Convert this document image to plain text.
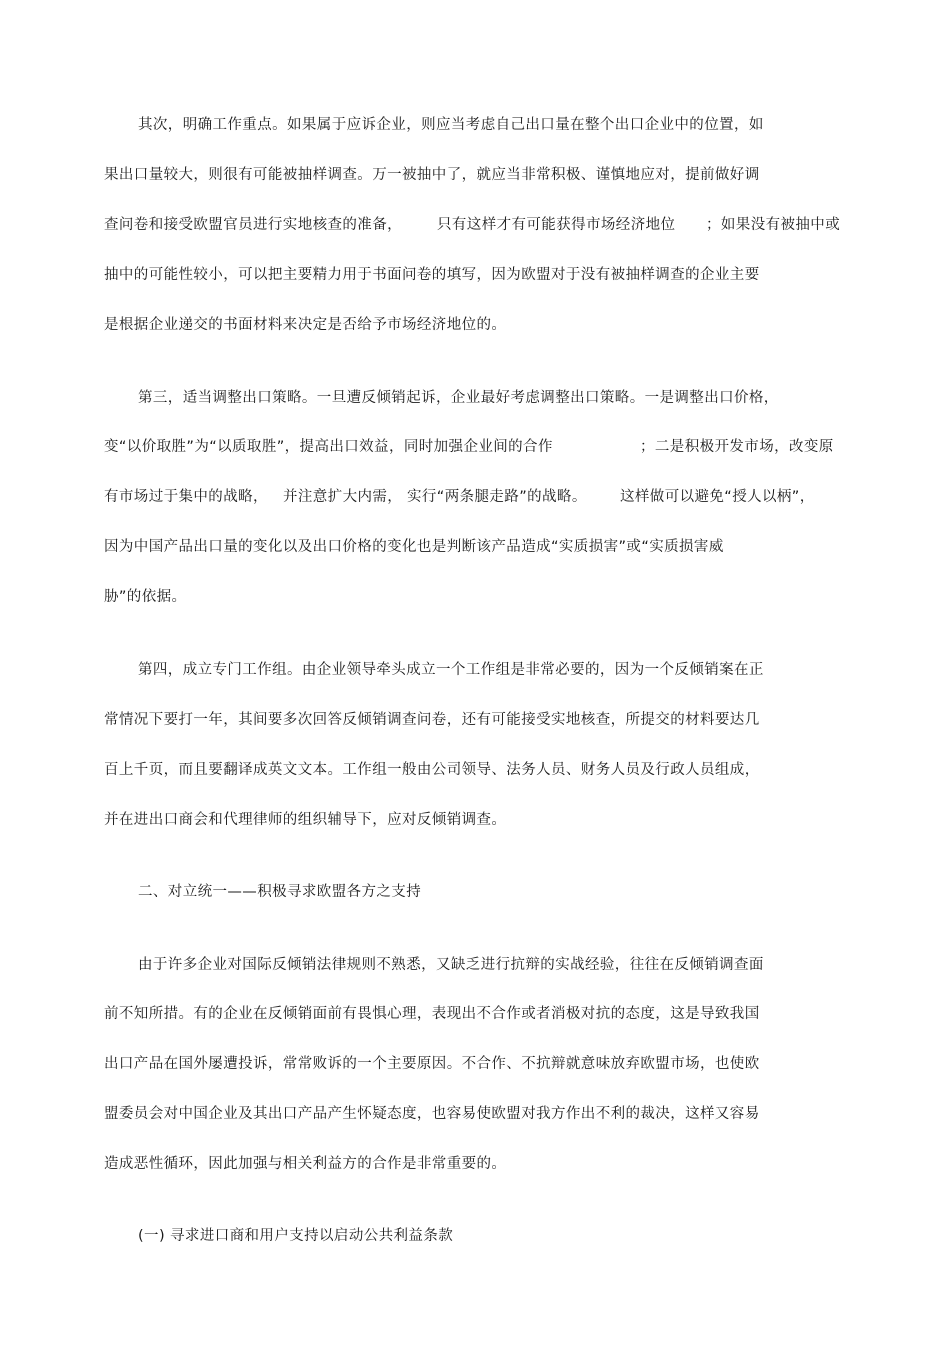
其次，明确工作重点。如果属于应诉企业，则应当考虑自己出口量在整个出口企业中的位置，如
果出口量较大，则很有可能被抽样调查。万一被抽中了，就应当非常积极、谨慎地应对，提前做好调
查问卷和接受欧盟官员进行实地核查的准备， 只有这样才有可能获得市场经济地位 ；如果没有被抽中或
抽中的可能性较小，可以把主要精力用于书面问卷的填写，因为欧盟对于没有被抽样调查的企业主要
是根据企业递交的书面材料来决定是否给予市场经济地位的。
第三，适当调整出口策略。一旦遭反倾销起诉，企业最好考虑调整出口策略。一是调整出口价格，
变“以价取胜”为“以质取胜”，提高出口效益，同时加强企业间的合作	；二是积极开发市场，改变原
有市场过于集中的战略， 并注意扩大内需， 实行“两条腿走路”的战略。 这样做可以避免“授人以柄”，
因为中国产品出口量的变化以及出口价格的变化也是判断该产品造成“实质损害”或“实质损害威
胁”的依据。
第四，成立专门工作组。由企业领导牵头成立一个工作组是非常必要的，因为一个反倾销案在正
常情况下要打一年，其间要多次回答反倾销调查问卷，还有可能接受实地核查，所提交的材料要达几
百上千页，而且要翻译成英文文本。工作组一般由公司领导、法务人员、财务人员及行政人员组成，
并在进出口商会和代理律师的组织辅导下，应对反倾销调查。
二、对立统一——积极寻求欧盟各方之支持
由于许多企业对国际反倾销法律规则不熟悉，又缺乏进行抗辩的实战经验，往往在反倾销调查面
前不知所措。有的企业在反倾销面前有畏惧心理，表现出不合作或者消极对抗的态度，这是导致我国
出口产品在国外屡遭投诉，常常败诉的一个主要原因。不合作、不抗辩就意味放弃欧盟市场，也使欧
盟委员会对中国企业及其出口产品产生怀疑态度，也容易使欧盟对我方作出不利的裁决，这样又容易
造成恶性循环，因此加强与相关利益方的合作是非常重要的。
(一) 寻求进口商和用户支持以启动公共利益条款
